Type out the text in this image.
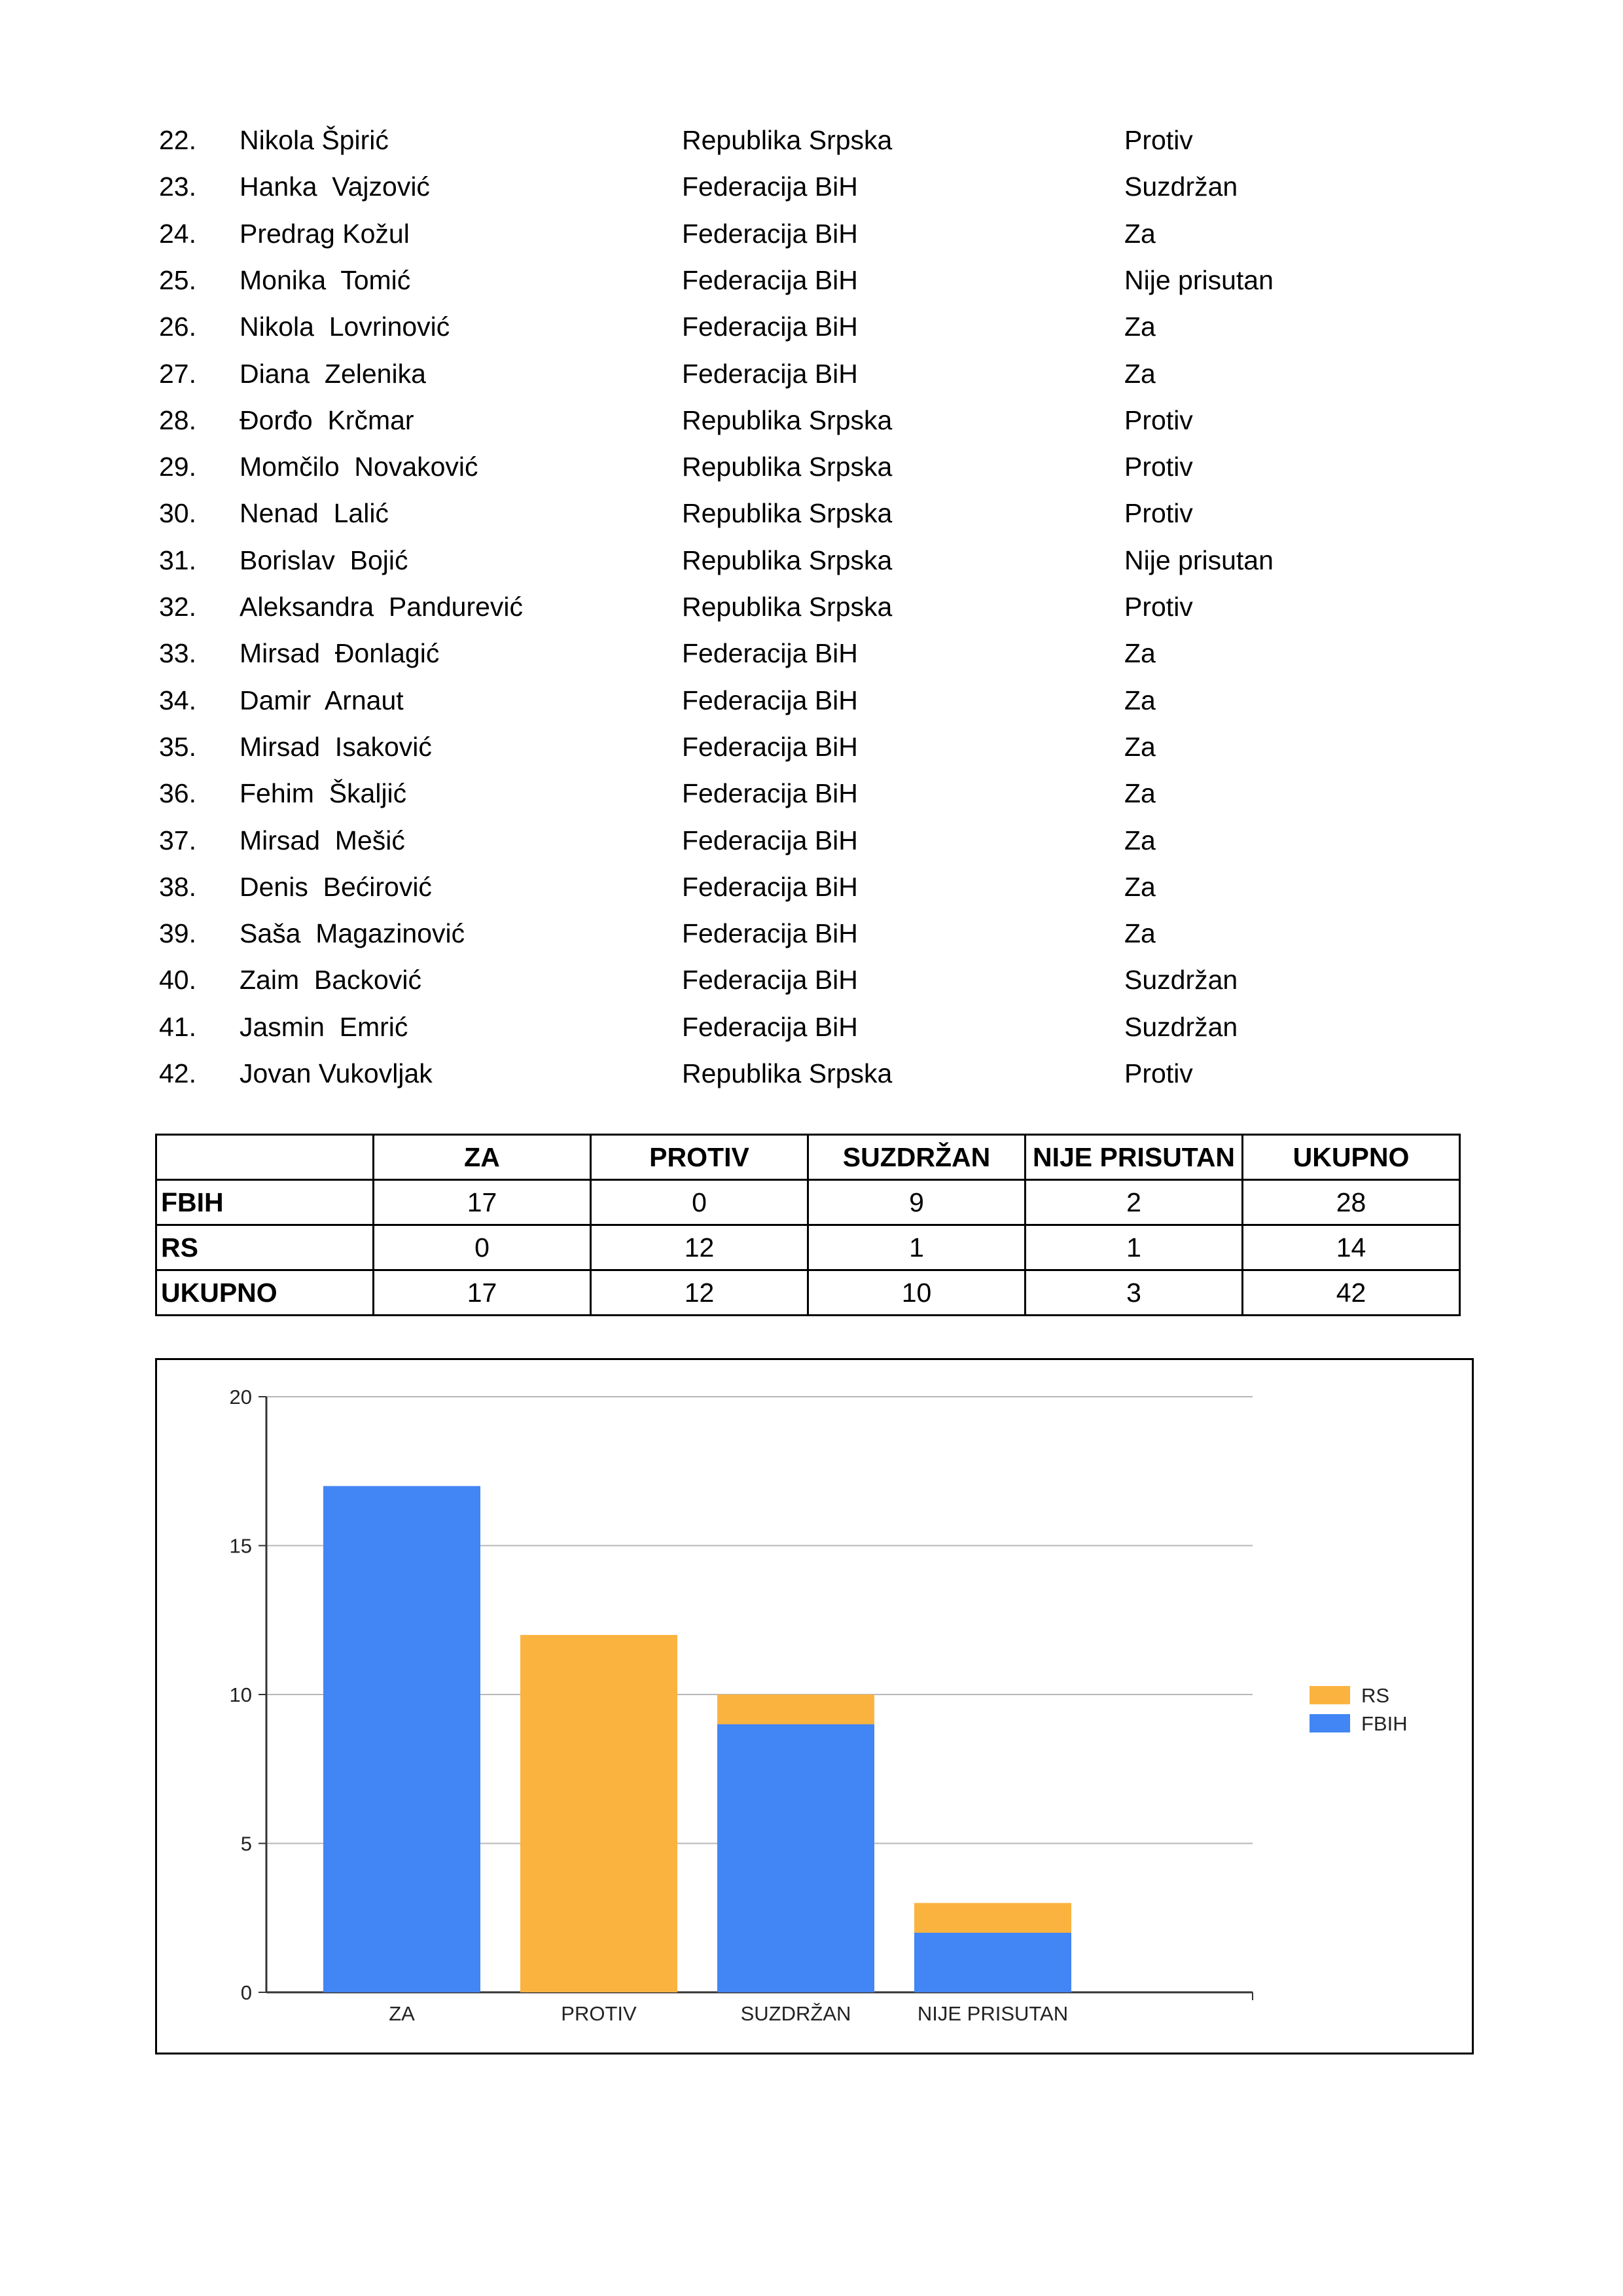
22. Nikola Špirić	Republika Srpska	Protiv
23. Hanka  Vajzović	Federacija BiH	Suzdržan
24. Predrag Kožul	Federacija BiH	Za
25. Monika  Tomić	Federacija BiH	Nije prisutan
26. Nikola  Lovrinović	Federacija BiH	Za
27. Diana  Zelenika	Federacija BiH	Za
28. Đorđo  Krčmar	Republika Srpska	Protiv
29. Momčilo  Novaković	Republika Srpska	Protiv
30. Nenad  Lalić	Republika Srpska	Protiv
31. Borislav  Bojić	Republika Srpska	Nije prisutan
32. Aleksandra  Pandurević	Republika Srpska	Protiv
33. Mirsad  Đonlagić	Federacija BiH	Za
34. Damir  Arnaut	Federacija BiH	Za
35. Mirsad  Isaković	Federacija BiH	Za
36. Fehim  Škaljić	Federacija BiH	Za
37. Mirsad  Mešić	Federacija BiH	Za
38. Denis  Bećirović	Federacija BiH	Za
39. Saša  Magazinović	Federacija BiH	Za
40. Zaim  Backović	Federacija BiH	Suzdržan
41. Jasmin  Emrić	Federacija BiH	Suzdržan
42. Jovan Vukovljak	Republika Srpska	Protiv
	ZA	PROTIV	SUZDRŽAN	NIJE PRISUTAN	UKUPNO
FBIH	17	0	9	2	28
RS	0	12	1	1	14
UKUPNO	17	12	10	3	42
0
5
10
15
20
ZA	PROTIV	SUZDRŽAN	NIJE PRISUTAN
RS
FBIH
